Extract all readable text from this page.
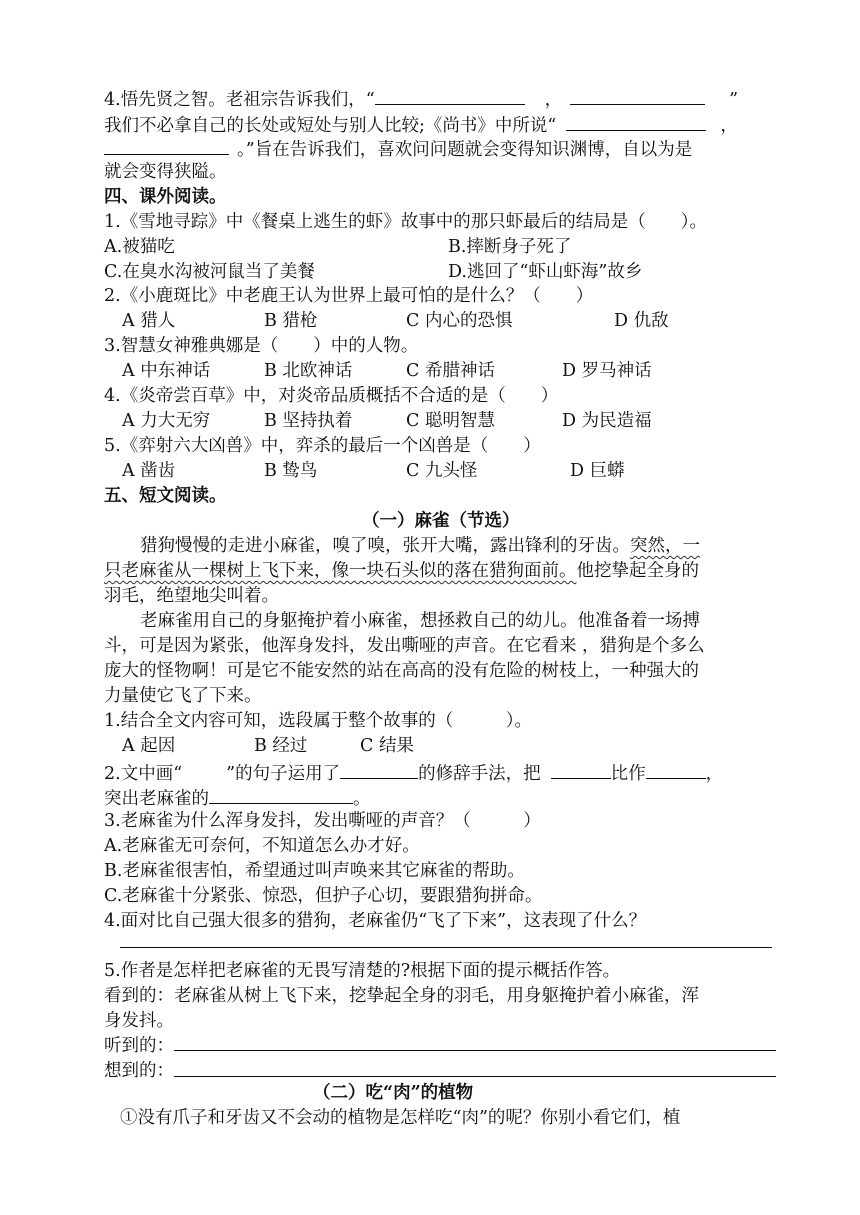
4.悟先贤之智。老祖宗告诉我们，“	，	”
我们不必拿自己的长处或短处与别人比较;《尚书》中所说“	，
。”旨在告诉我们，喜欢问问题就会变得知识渊博，自以为是
就会变得狭隘。
四、课外阅读。
1.《雪地寻踪》中《餐桌上逃生的虾》故事中的那只虾最后的结局是（　　）。
A.被猫吃	B.摔断身子死了
C.在臭水沟被河鼠当了美餐	D.逃回了“虾山虾海”故乡
2.《小鹿斑比》中老鹿王认为世界上最可怕的是什么？（　　）
A 猎人	B 猎枪	C 内心的恐惧	D 仇敌
3.智慧女神雅典娜是（　　）中的人物。
A 中东神话	B 北欧神话	C 希腊神话	D 罗马神话
4.《炎帝尝百草》中，对炎帝品质概括不合适的是（　　）
A 力大无穷	B 坚持执着	C 聪明智慧	D 为民造福
5.《弈射六大凶兽》中，弈杀的最后一个凶兽是（　　）
A 凿齿	B 鸷鸟	C 九头怪	D 巨蟒
五、短文阅读。
（一）麻雀（节选）
猎狗慢慢的走进小麻雀，嗅了嗅，张开大嘴，露出锋利的牙齿。突然，一
只老麻雀从一棵树上飞下来，像一块石头似的落在猎狗面前。他挖挚起全身的
羽毛，绝望地尖叫着。
老麻雀用自己的身躯掩护着小麻雀，想拯救自己的幼儿。他准备着一场搏
斗，可是因为紧张，他浑身发抖，发出嘶哑的声音。在它看来 ，猎狗是个多么
庞大的怪物啊！可是它不能安然的站在高高的没有危险的树枝上，一种强大的
力量使它飞了下来。
1.结合全文内容可知，选段属于整个故事的（　　　）。
A 起因	B 经过	C 结果
2.文中画“	”的句子运用了	的修辞手法，把	比作	，
突出老麻雀的	。
3.老麻雀为什么浑身发抖，发出嘶哑的声音？（　　　）
A.老麻雀无可奈何，不知道怎么办才好。
B.老麻雀很害怕，希望通过叫声唤来其它麻雀的帮助。
C.老麻雀十分紧张、惊恐，但护子心切，要跟猎狗拼命。
4.面对比自己强大很多的猎狗，老麻雀仍“飞了下来”，这表现了什么？
5.作者是怎样把老麻雀的无畏写清楚的?根据下面的提示概括作答。
看到的：老麻雀从树上飞下来，挖挚起全身的羽毛，用身躯掩护着小麻雀，浑
身发抖。
听到的：
想到的：
（二）吃“肉”的植物
①没有爪子和牙齿又不会动的植物是怎样吃“肉”的呢？你别小看它们，植
